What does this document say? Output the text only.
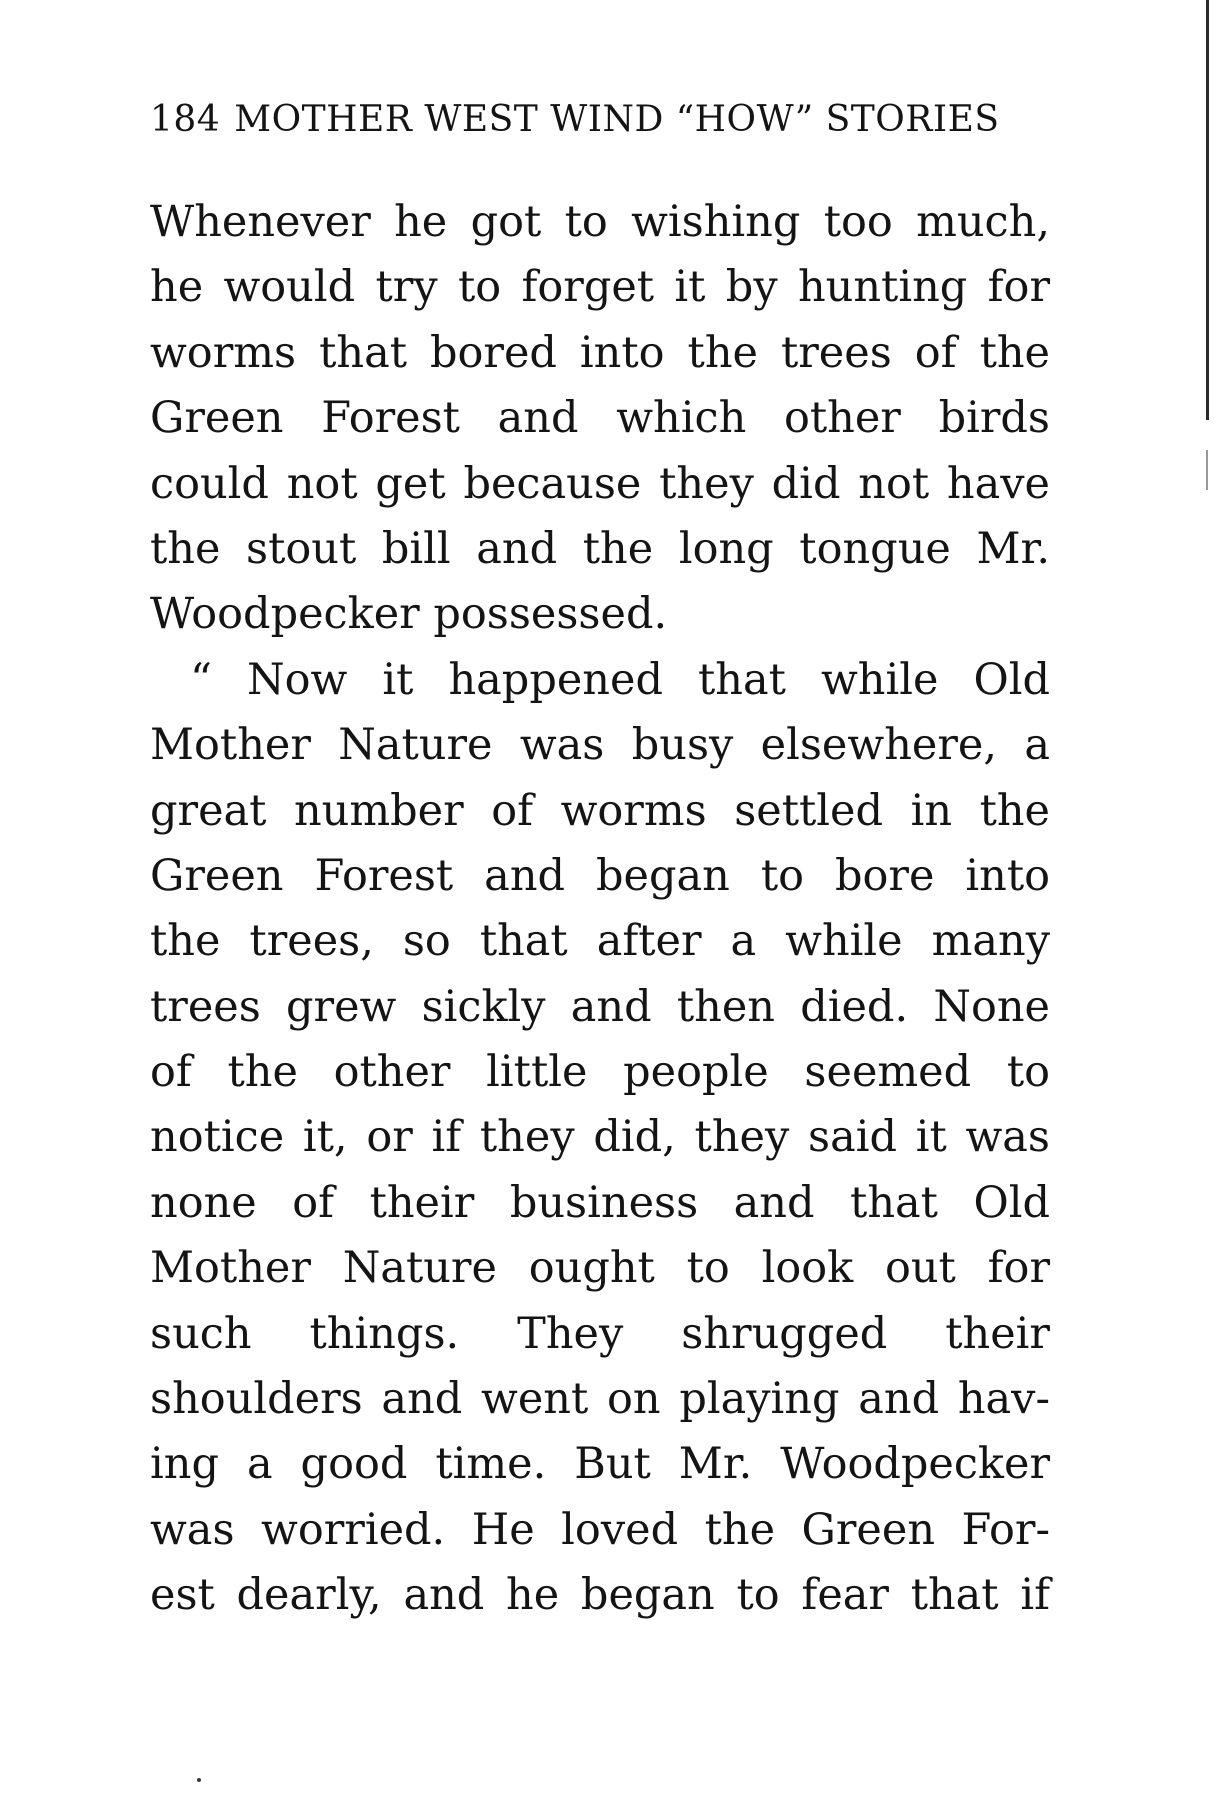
184 MOTHER WEST WIND “HOW” STORIES
Whenever he got to wishing too much,
he would try to forget it by hunting for
worms that bored into the trees of the
Green Forest and which other birds
could not get because they did not have
the stout bill and the long tongue Mr.
Woodpecker possessed.
“ Now it happened that while Old
Mother Nature was busy elsewhere, a
great number of worms settled in the
Green Forest and began to bore into
the trees, so that after a while many
trees grew sickly and then died. None
of the other little people seemed to
notice it, or if they did, they said it was
none of their business and that Old
Mother Nature ought to look out for
such things. They shrugged their
shoulders and went on playing and hav-
ing a good time. But Mr. Woodpecker
was worried. He loved the Green For-
est dearly, and he began to fear that if
